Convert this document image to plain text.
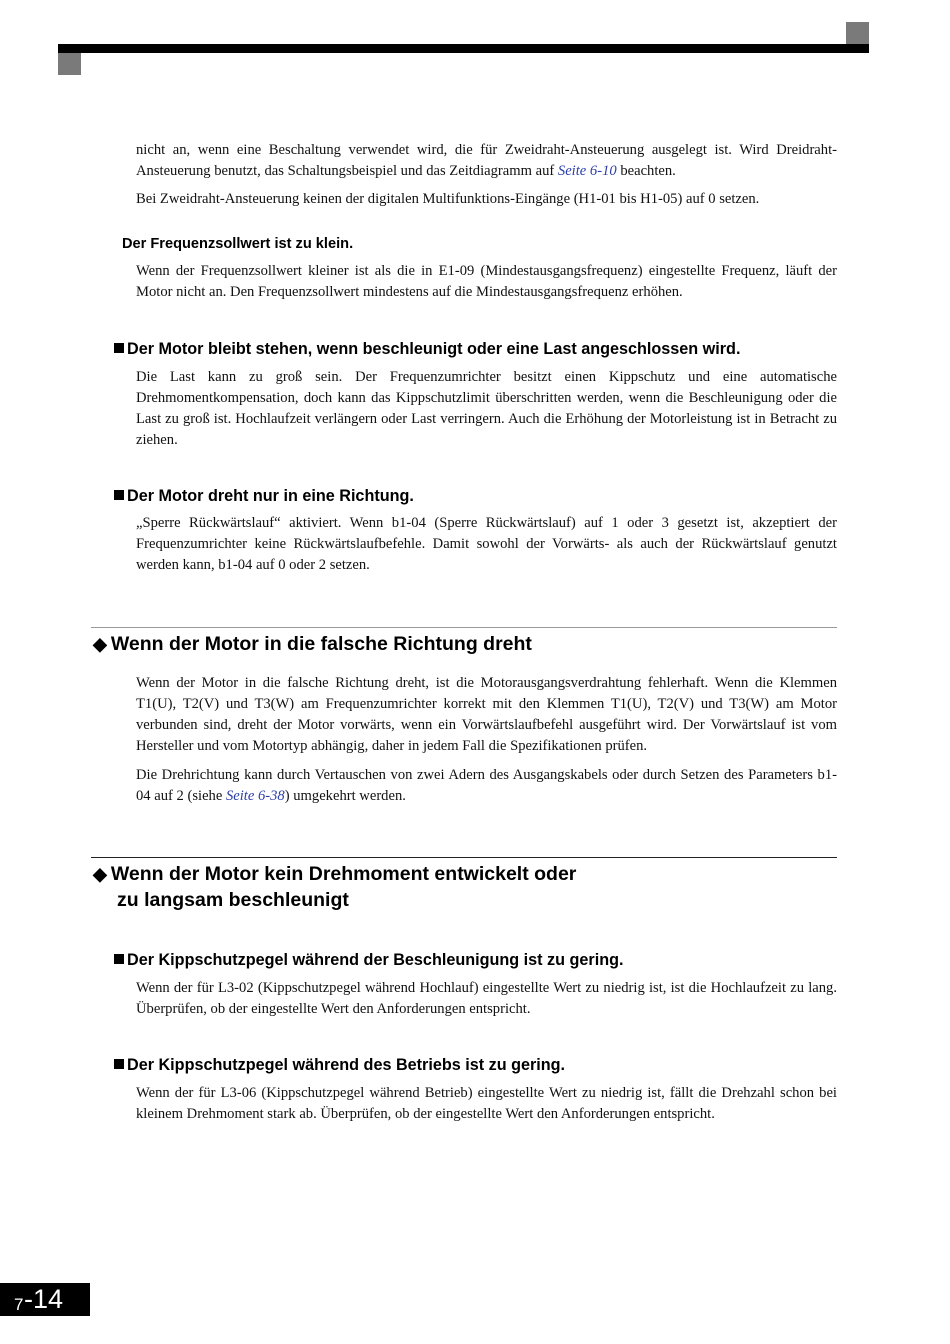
nicht an, wenn eine Beschaltung verwendet wird, die für Zweidraht-Ansteuerung ausgelegt ist. Wird Dreidraht-Ansteuerung benutzt, das Schaltungsbeispiel und das Zeitdiagramm auf Seite 6-10 beachten.

Bei Zweidraht-Ansteuerung keinen der digitalen Multifunktions-Eingänge (H1-01 bis H1-05) auf 0 setzen.

Der Frequenzsollwert ist zu klein.

Wenn der Frequenzsollwert kleiner ist als die in E1-09 (Mindestausgangsfrequenz) eingestellte Frequenz, läuft der Motor nicht an. Den Frequenzsollwert mindestens auf die Mindestausgangsfrequenz erhöhen.

Der Motor bleibt stehen, wenn beschleunigt oder eine Last angeschlossen wird.

Die Last kann zu groß sein. Der Frequenzumrichter besitzt einen Kippschutz und eine automatische Drehmomentkompensation, doch kann das Kippschutzlimit überschritten werden, wenn die Beschleunigung oder die Last zu groß ist. Hochlaufzeit verlängern oder Last verringern. Auch die Erhöhung der Motorleistung ist in Betracht zu ziehen.

Der Motor dreht nur in eine Richtung.

„Sperre Rückwärtslauf“ aktiviert. Wenn b1-04 (Sperre Rückwärtslauf) auf 1 oder 3 gesetzt ist, akzeptiert der Frequenzumrichter keine Rückwärtslaufbefehle. Damit sowohl der Vorwärts- als auch der Rückwärtslauf genutzt werden kann, b1-04 auf 0 oder 2 setzen.

◆ Wenn der Motor in die falsche Richtung dreht

Wenn der Motor in die falsche Richtung dreht, ist die Motorausgangsverdrahtung fehlerhaft. Wenn die Klemmen T1(U), T2(V) und T3(W) am Frequenzumrichter korrekt mit den Klemmen T1(U), T2(V) und T3(W) am Motor verbunden sind, dreht der Motor vorwärts, wenn ein Vorwärtslaufbefehl ausgeführt wird. Der Vorwärtslauf ist vom Hersteller und vom Motortyp abhängig, daher in jedem Fall die Spezifikationen prüfen.

Die Drehrichtung kann durch Vertauschen von zwei Adern des Ausgangskabels oder durch Setzen des Parameters b1-04 auf 2 (siehe Seite 6-38) umgekehrt werden.

◆ Wenn der Motor kein Drehmoment entwickelt oder
zu langsam beschleunigt
Der Kippschutzpegel während der Beschleunigung ist zu gering.

Wenn der für L3-02 (Kippschutzpegel während Hochlauf) eingestellte Wert zu niedrig ist, ist die Hochlaufzeit zu lang. Überprüfen, ob der eingestellte Wert den Anforderungen entspricht.

Der Kippschutzpegel während des Betriebs ist zu gering.

Wenn der für L3-06 (Kippschutzpegel während Betrieb) eingestellte Wert zu niedrig ist, fällt die Drehzahl schon bei kleinem Drehmoment stark ab. Überprüfen, ob der eingestellte Wert den Anforderungen entspricht.

7 -14
